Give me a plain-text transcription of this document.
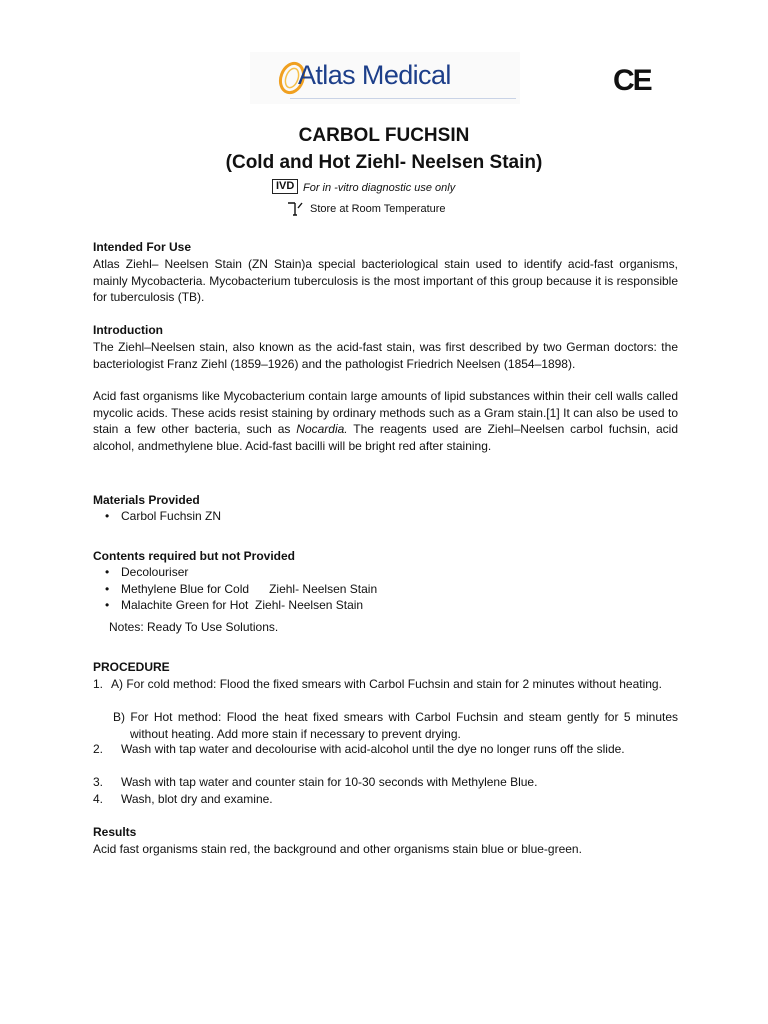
Atlas Medical	CE
CARBOL FUCHSIN
(Cold and Hot Ziehl- Neelsen Stain)
IVD For in -vitro diagnostic use only
Store at Room Temperature
Intended For Use
Atlas Ziehl– Neelsen Stain (ZN Stain)a special bacteriological stain used to identify acid-fast organisms, mainly Mycobacteria. Mycobacterium tuberculosis is the most important of this group because it is responsible for tuberculosis (TB).
Introduction
The Ziehl–Neelsen stain, also known as the acid-fast stain, was first described by two German doctors: the bacteriologist Franz Ziehl (1859–1926) and the pathologist Friedrich Neelsen (1854–1898).
Acid fast organisms like Mycobacterium contain large amounts of lipid substances within their cell walls called mycolic acids. These acids resist staining by ordinary methods such as a Gram stain.[1] It can also be used to stain a few other bacteria, such as Nocardia. The reagents used are Ziehl–Neelsen carbol fuchsin, acid alcohol, andmethylene blue. Acid-fast bacilli will be bright red after staining.
Materials Provided
• Carbol Fuchsin ZN
Contents required but not Provided
• Decolouriser
• Methylene Blue for Cold      Ziehl- Neelsen Stain
• Malachite Green for Hot  Ziehl- Neelsen Stain
Notes: Ready To Use Solutions.
PROCEDURE
1. A) For cold method: Flood the fixed smears with Carbol Fuchsin and stain for 2 minutes without heating.
B) For Hot method: Flood the heat fixed smears with Carbol Fuchsin and steam gently for 5 minutes without heating. Add more stain if necessary to prevent drying.
2. Wash with tap water and decolourise with acid-alcohol until the dye no longer runs off the slide.
3. Wash with tap water and counter stain for 10-30 seconds with Methylene Blue.
4. Wash, blot dry and examine.
Results
Acid fast organisms stain red, the background and other organisms stain blue or blue-green.
